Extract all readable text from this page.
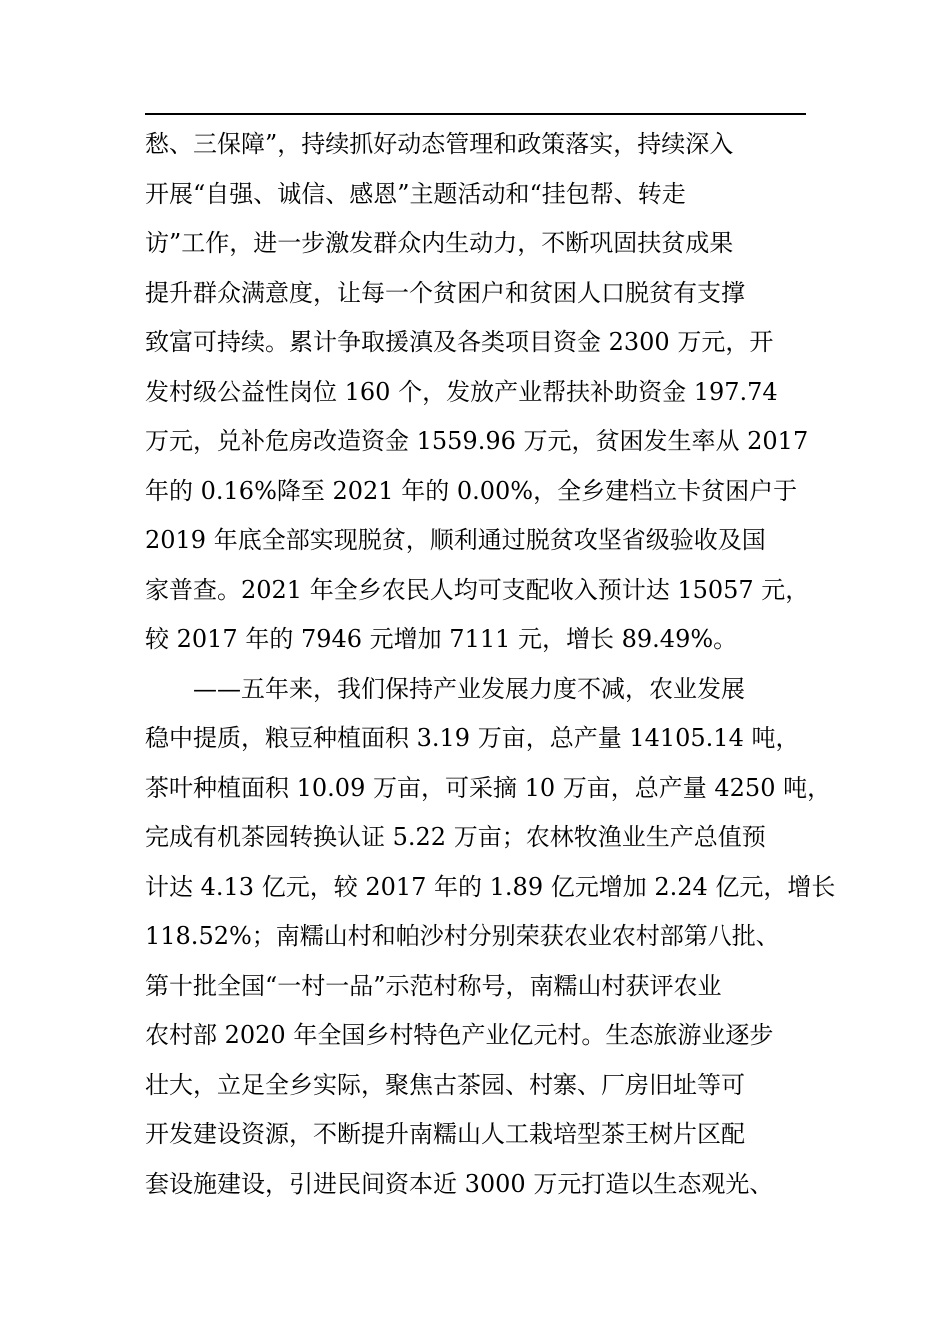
愁、三保障”，持续抓好动态管理和政策落实，持续深入
开展“自强、诚信、感恩”主题活动和“挂包帮、转走
访”工作，进一步激发群众内生动力，不断巩固扶贫成果
提升群众满意度，让每一个贫困户和贫困人口脱贫有支撑
致富可持续。累计争取援滇及各类项目资金 2300 万元，开
发村级公益性岗位 160 个，发放产业帮扶补助资金 197.74
万元，兑补危房改造资金 1559.96 万元，贫困发生率从 2017
年的 0.16%降至 2021 年的 0.00%，全乡建档立卡贫困户于
2019 年底全部实现脱贫，顺利通过脱贫攻坚省级验收及国
家普查。2021 年全乡农民人均可支配收入预计达 15057 元，
较 2017 年的 7946 元增加 7111 元，增长 89.49%。
　　——五年来，我们保持产业发展力度不减，农业发展
稳中提质，粮豆种植面积 3.19 万亩，总产量 14105.14 吨，
茶叶种植面积 10.09 万亩，可采摘 10 万亩，总产量 4250 吨，
完成有机茶园转换认证 5.22 万亩；农林牧渔业生产总值预
计达 4.13 亿元，较 2017 年的 1.89 亿元增加 2.24 亿元，增长
118.52%；南糯山村和帕沙村分别荣获农业农村部第八批、
第十批全国“一村一品”示范村称号，南糯山村获评农业
农村部 2020 年全国乡村特色产业亿元村。生态旅游业逐步
壮大，立足全乡实际，聚焦古茶园、村寨、厂房旧址等可
开发建设资源，不断提升南糯山人工栽培型茶王树片区配
套设施建设，引进民间资本近 3000 万元打造以生态观光、
